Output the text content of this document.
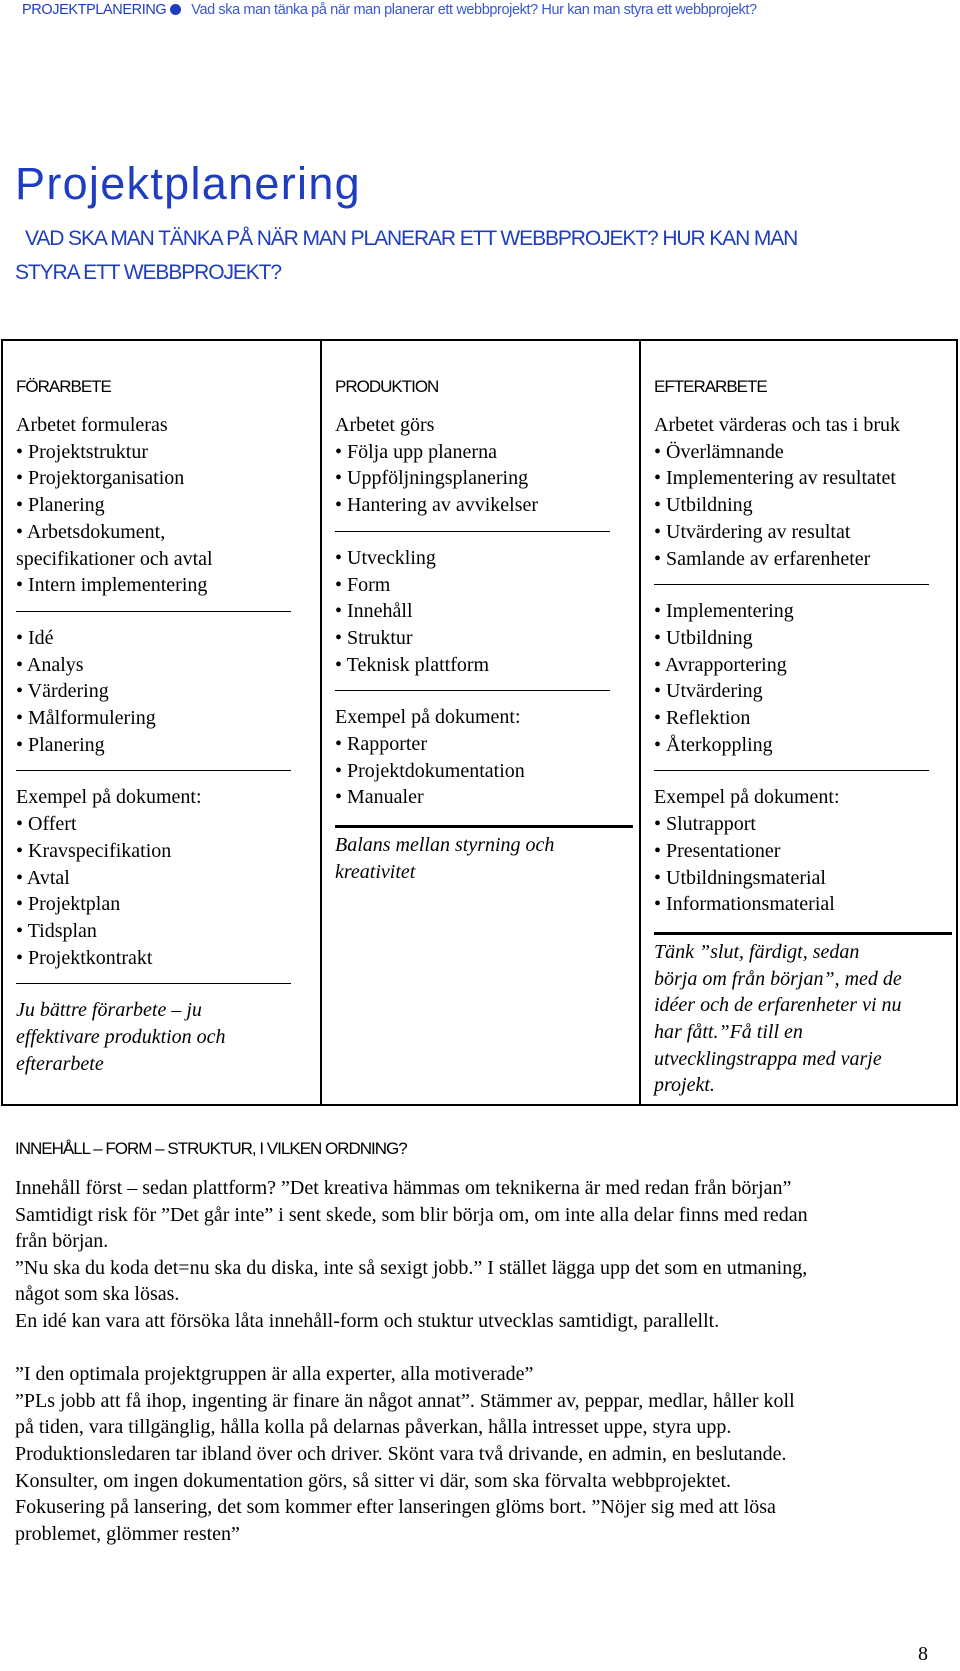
PROJEKTPLANERING Vad ska man tänka på när man planerar ett webbprojekt? Hur kan man styra ett webbprojekt?
Projektplanering
VAD SKA MAN TÄNKA PÅ NÄR MAN PLANERAR ETT WEBBPROJEKT? HUR KAN MAN
STYRA ETT WEBBPROJEKT?
FÖRARBETE
Arbetet formuleras
• Projektstruktur
• Projektorganisation
• Planering
• Arbetsdokument,
specifikationer och avtal
• Intern implementering
• Idé
• Analys
• Värdering
• Målformulering
• Planering
Exempel på dokument:
• Offert
• Kravspecifikation
• Avtal
• Projektplan
• Tidsplan
• Projektkontrakt
Ju bättre förarbete – ju
effektivare produktion och
efterarbete
PRODUKTION
Arbetet görs
• Följa upp planerna
• Uppföljningsplanering
• Hantering av avvikelser
• Utveckling
• Form
• Innehåll
• Struktur
• Teknisk plattform
Exempel på dokument:
• Rapporter
• Projektdokumentation
• Manualer
Balans mellan styrning och
kreativitet
EFTERARBETE
Arbetet värderas och tas i bruk
• Överlämnande
• Implementering av resultatet
• Utbildning
• Utvärdering av resultat
• Samlande av erfarenheter
• Implementering
• Utbildning
• Avrapportering
• Utvärdering
• Reflektion
• Återkoppling
Exempel på dokument:
• Slutrapport
• Presentationer
• Utbildningsmaterial
• Informationsmaterial
Tänk ”slut, färdigt, sedan
börja om från början”, med de
idéer och de erfarenheter vi nu
har fått.”Få till en
utvecklingstrappa med varje
projekt.
INNEHÅLL – FORM – STRUKTUR, I VILKEN ORDNING?
Innehåll först – sedan plattform? ”Det kreativa hämmas om teknikerna är med redan från början”
Samtidigt risk för ”Det går inte” i sent skede, som blir börja om, om inte alla delar finns med redan
från början.
”Nu ska du koda det=nu ska du diska, inte så sexigt jobb.” I stället lägga upp det som en utmaning,
något som ska lösas.
En idé kan vara att försöka låta innehåll-form och stuktur utvecklas samtidigt, parallellt.
”I den optimala projektgruppen är alla experter, alla motiverade”
”PLs jobb att få ihop, ingenting är finare än något annat”. Stämmer av, peppar, medlar, håller koll
på tiden, vara tillgänglig, hålla kolla på delarnas påverkan, hålla intresset uppe, styra upp.
Produktionsledaren tar ibland över och driver. Skönt vara två drivande, en admin, en beslutande.
Konsulter, om ingen dokumentation görs, så sitter vi där, som ska förvalta webbprojektet.
Fokusering på lansering, det som kommer efter lanseringen glöms bort. ”Nöjer sig med att lösa
problemet, glömmer resten”
8
